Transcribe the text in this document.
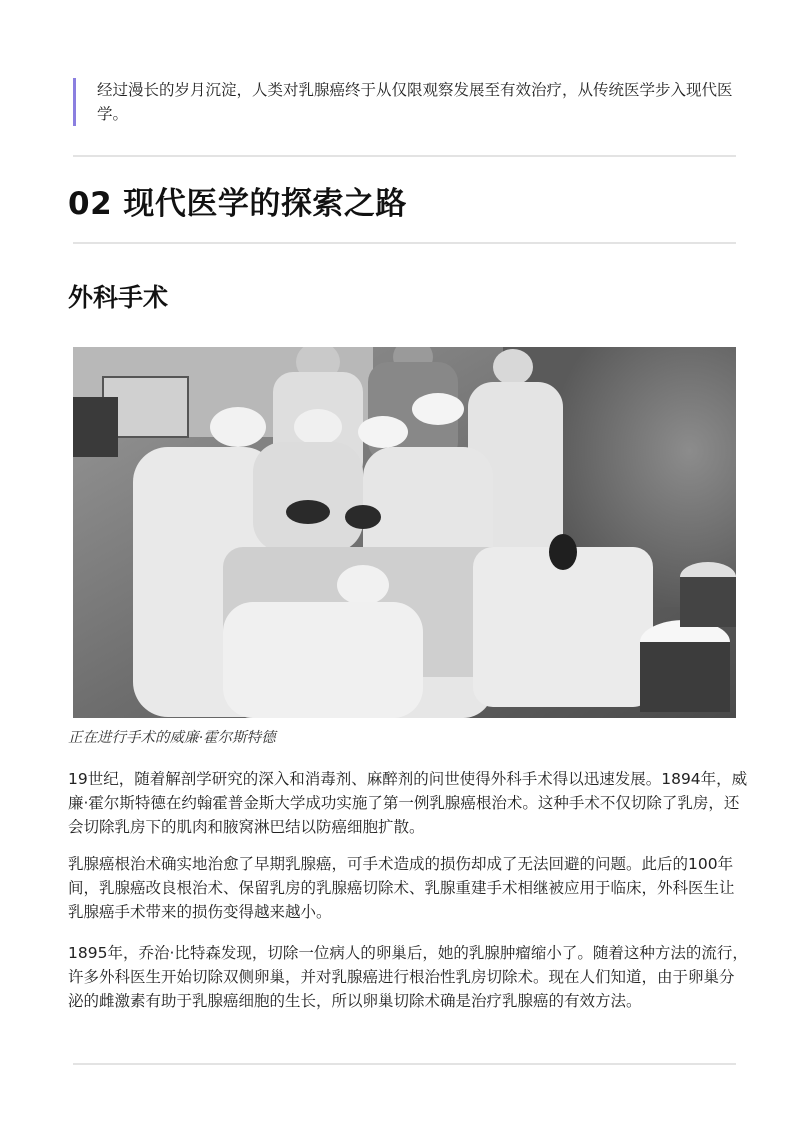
经过漫长的岁月沉淀，人类对乳腺癌终于从仅限观察发展至有效治疗，从传统医学步入现代医学。
02 现代医学的探索之路
外科手术
正在进行手术的威廉·霍尔斯特德

19世纪，随着解剖学研究的深入和消毒剂、麻醉剂的问世使得外科手术得以迅速发展。1894年，威廉·霍尔斯特德在约翰霍普金斯大学成功实施了第一例乳腺癌根治术。这种手术不仅切除了乳房，还会切除乳房下的肌肉和腋窝淋巴结以防癌细胞扩散。

乳腺癌根治术确实地治愈了早期乳腺癌，可手术造成的损伤却成了无法回避的问题。此后的100年间，乳腺癌改良根治术、保留乳房的乳腺癌切除术、乳腺重建手术相继被应用于临床，外科医生让乳腺癌手术带来的损伤变得越来越小。

1895年，乔治·比特森发现，切除一位病人的卵巢后，她的乳腺肿瘤缩小了。随着这种方法的流行，许多外科医生开始切除双侧卵巢，并对乳腺癌进行根治性乳房切除术。现在人们知道，由于卵巢分泌的雌激素有助于乳腺癌细胞的生长，所以卵巢切除术确是治疗乳腺癌的有效方法。
